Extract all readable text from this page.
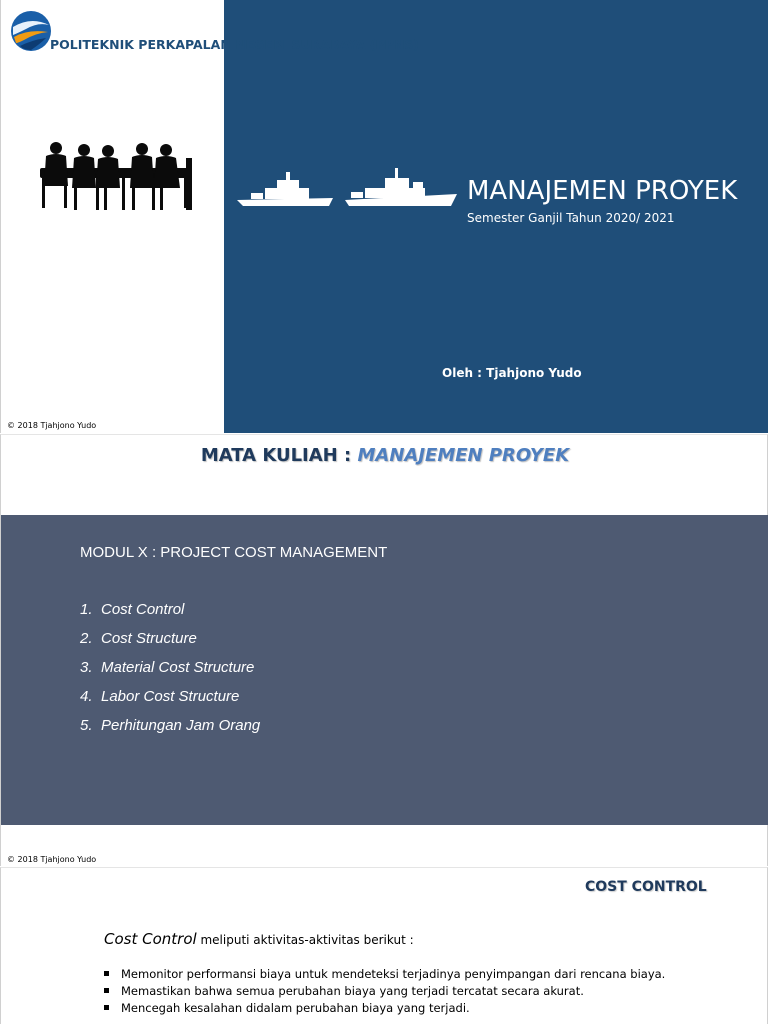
POLITEKNIK PERKAPALAN NEGERI SURABAYA (PPNS)
MANAJEMEN PROYEK
Semester Ganjil Tahun 2020/ 2021
Oleh : Tjahjono Yudo
© 2018 Tjahjono Yudo
MATA KULIAH : MANAJEMEN PROYEK
MODUL X : PROJECT COST MANAGEMENT
1. Cost Control
2. Cost Structure
3. Material Cost Structure
4. Labor Cost Structure
5. Perhitungan Jam Orang
© 2018 Tjahjono Yudo
COST CONTROL
Cost Control meliputi aktivitas-aktivitas berikut :
Memonitor performansi biaya untuk mendeteksi terjadinya penyimpangan dari rencana biaya.
Memastikan bahwa semua perubahan biaya yang terjadi tercatat secara akurat.
Mencegah kesalahan didalam perubahan biaya yang terjadi.
